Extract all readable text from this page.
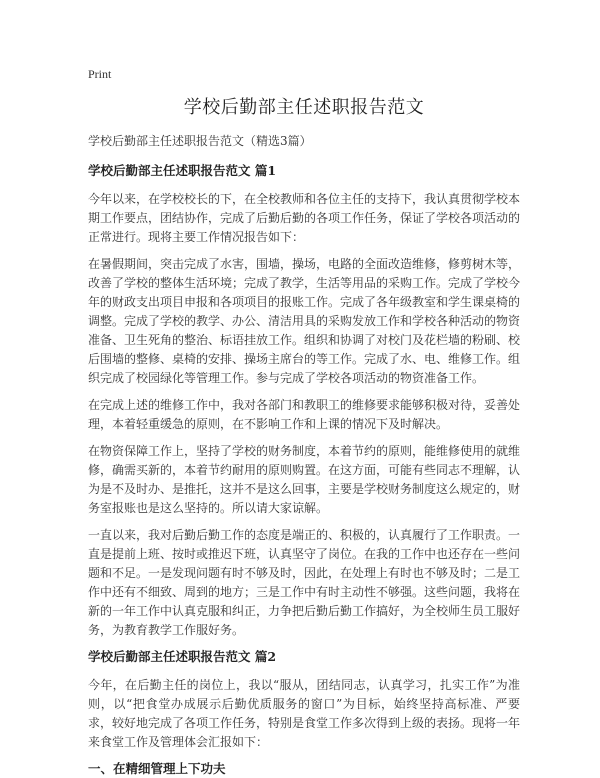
Print
学校后勤部主任述职报告范文
学校后勤部主任述职报告范文（精选3篇）
学校后勤部主任述职报告范文 篇1

今年以来，在学校校长的下，在全校教师和各位主任的支持下，我认真贯彻学校本期工作要点，团结协作，完成了后勤后勤的各项工作任务，保证了学校各项活动的正常进行。现将主要工作情况报告如下：

在暑假期间，突击完成了水害，围墙，操场，电路的全面改造维修，修剪树木等，改善了学校的整体生活环境；完成了教学，生活等用品的采购工作。完成了学校今年的财政支出项目申报和各项项目的报账工作。完成了各年级教室和学生课桌椅的调整。完成了学校的教学、办公、清洁用具的采购发放工作和学校各种活动的物资准备、卫生死角的整治、标语挂放工作。组织和协调了对校门及花栏墙的粉刷、校后围墙的整修、桌椅的安排、操场主席台的等工作。完成了水、电、维修工作。组织完成了校园绿化等管理工作。参与完成了学校各项活动的物资准备工作。

在完成上述的维修工作中，我对各部门和教职工的维修要求能够积极对待，妥善处理，本着轻重缓急的原则，在不影响工作和上课的情况下及时解决。

在物资保障工作上，坚持了学校的财务制度，本着节约的原则，能维修使用的就维修，确需买新的，本着节约耐用的原则购置。在这方面，可能有些同志不理解，认为是不及时办、是推托，这并不是这么回事，主要是学校财务制度这么规定的，财务室报账也是这么坚持的。所以请大家谅解。

一直以来，我对后勤后勤工作的态度是端正的、积极的，认真履行了工作职责。一直是提前上班、按时或推迟下班，认真坚守了岗位。在我的工作中也还存在一些问题和不足。一是发现问题有时不够及时，因此，在处理上有时也不够及时；二是工作中还有不细致、周到的地方；三是工作中有时主动性不够强。这些问题，我将在新的一年工作中认真克服和纠正，力争把后勤后勤工作搞好，为全校师生员工服好务，为教育教学工作服好务。

学校后勤部主任述职报告范文 篇2

今年，在后勤主任的岗位上，我以“服从，团结同志，认真学习，扎实工作”为准则，以“把食堂办成展示后勤优质服务的窗口”为目标，始终坚持高标准、严要求，较好地完成了各项工作任务，特别是食堂工作多次得到上级的表扬。现将一年来食堂工作及管理体会汇报如下：

一、在精细管理上下功夫
